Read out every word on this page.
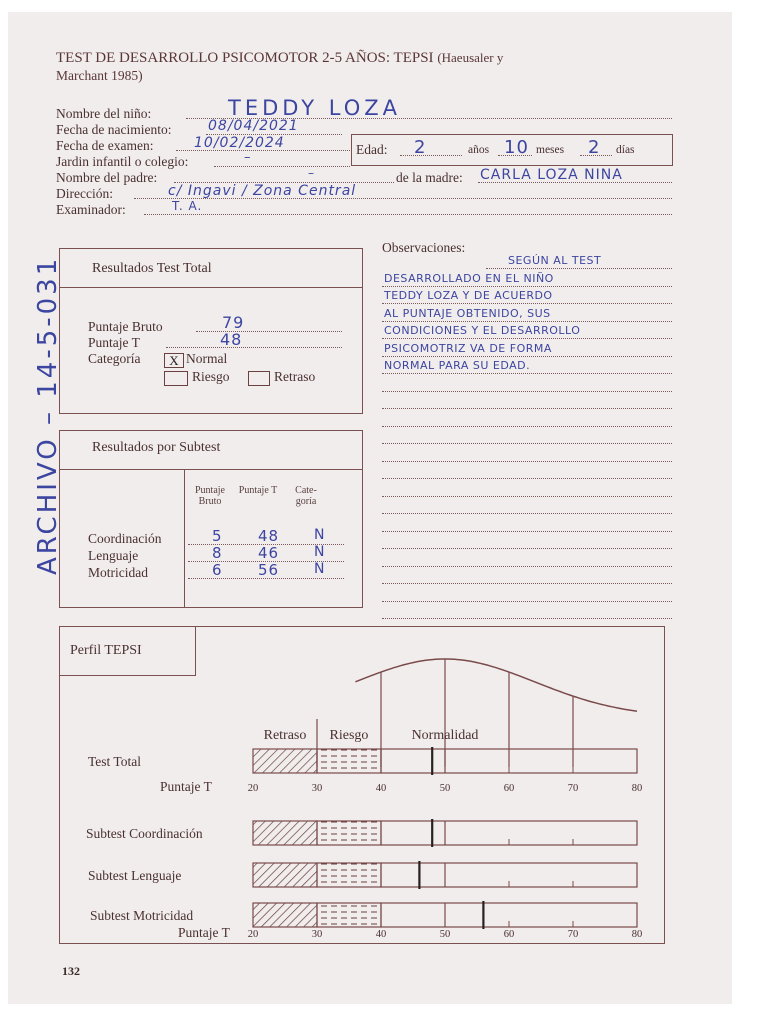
TEST DE DESARROLLO PSICOMOTOR 2-5 AÑOS: TEPSI (Haeusaler y
Marchant 1985)
Nombre del niño:	TEDDY LOZA
Fecha de nacimiento:	08/04/2021
Fecha de examen:	10/02/2024
Jardin infantil o colegio:	–
Edad: 2	años 10 meses 2 días
Nombre del padre:	–	de la madre: CARLA LOZA NINA
Dirección:	c/ Ingavi / Zona Central
Examinador:	T. A.
ARCHIVO – 14-5-031 Resultados Test Total
Puntaje Bruto	79
Puntaje T	48
Categoría	X Normal
Riesgo	Retraso
Observaciones:
SEGÚN AL TEST
DESARROLLADO EN EL NIÑO
TEDDY LOZA Y DE ACUERDO
AL PUNTAJE OBTENIDO, SUS
CONDICIONES Y EL DESARROLLO
PSICOMOTRIZ VA DE FORMA
NORMAL PARA SU EDAD.
Resultados por Subtest
Puntaje Bruto
Puntaje T	Cate- goría
Coordinación	5 48 N
Lenguaje	8 46 N
Motricidad	6 56 N
Perfil TEPSI
Retraso Riesgo	Normalidad
Test Total
Subtest Coordinación
Subtest Lenguaje
Subtest Motricidad
Puntaje T	20	30	40	50	60	70	80
Puntaje T 20	30	40	50	60	70	80
132
